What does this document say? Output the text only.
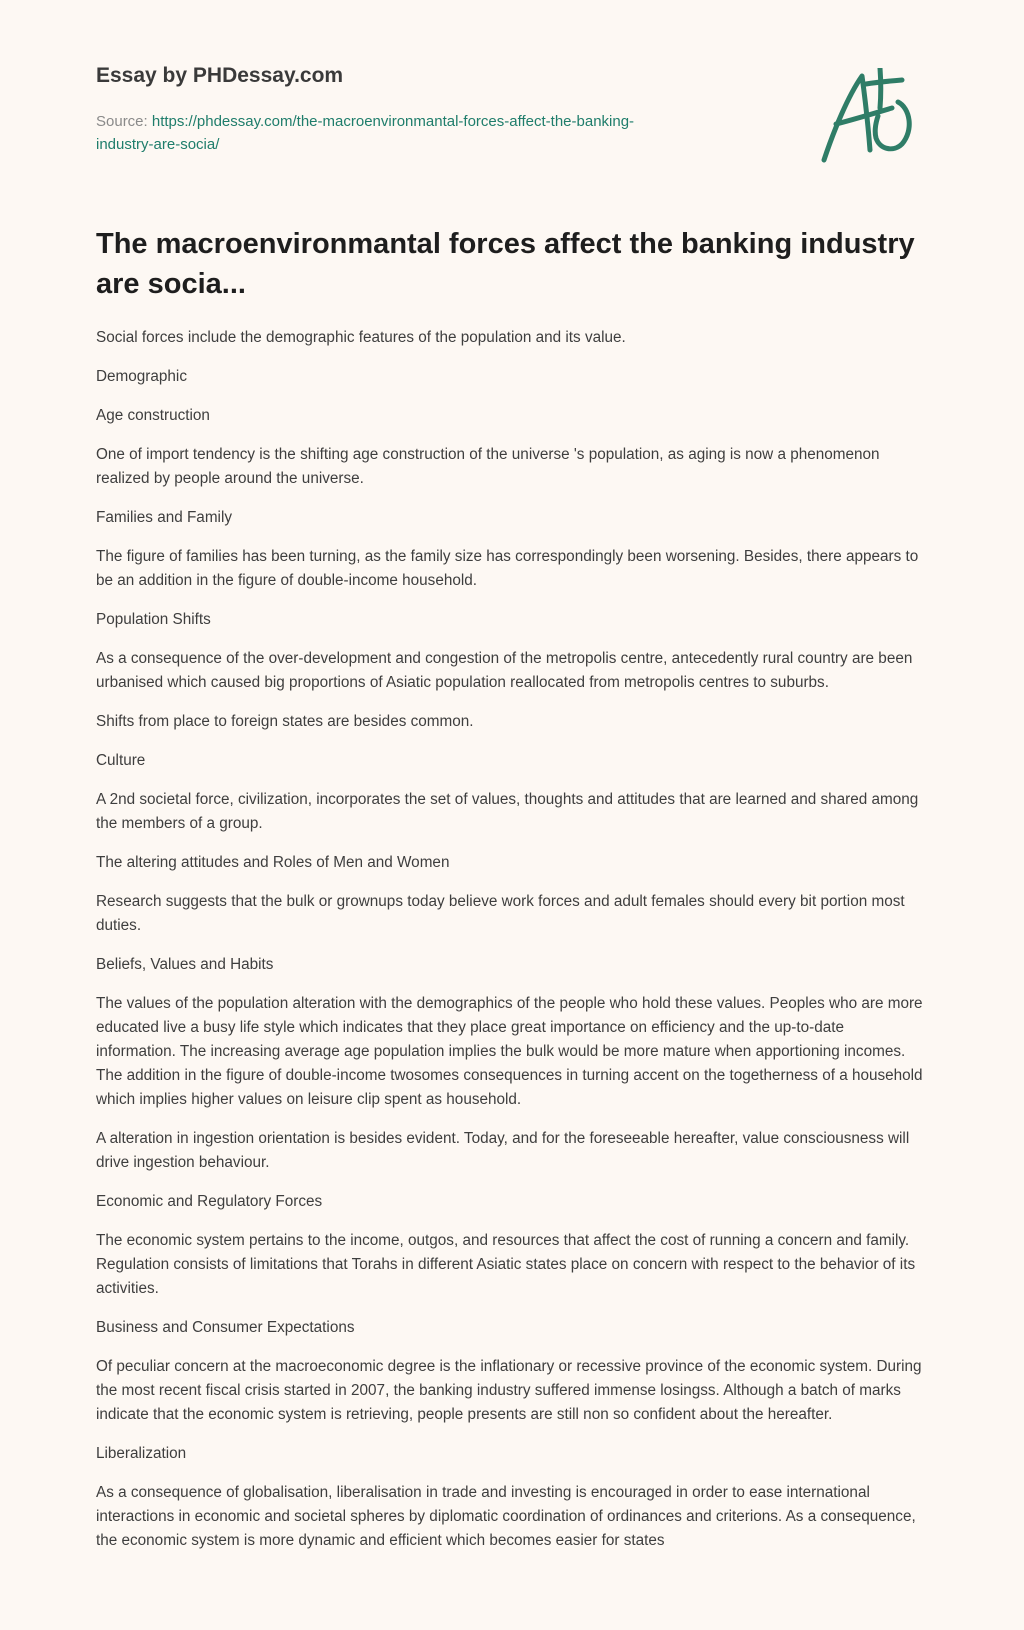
Essay by PHDessay.com
Source: https://phdessay.com/the-macroenvironmantal-forces-affect-the-banking-
industry-are-socia/
The macroenvironmantal forces affect the banking industry are socia...

Social forces include the demographic features of the population and its value.

Demographic

Age construction

One of import tendency is the shifting age construction of the universe 's population, as aging is now a phenomenon realized by people around the universe.

Families and Family

The figure of families has been turning, as the family size has correspondingly been worsening. Besides, there appears to be an addition in the figure of double-income household.

Population Shifts

As a consequence of the over-development and congestion of the metropolis centre, antecedently rural country are been urbanised which caused big proportions of Asiatic population reallocated from metropolis centres to suburbs.

Shifts from place to foreign states are besides common.

Culture

A 2nd societal force, civilization, incorporates the set of values, thoughts and attitudes that are learned and shared among the members of a group.

The altering attitudes and Roles of Men and Women

Research suggests that the bulk or grownups today believe work forces and adult females should every bit portion most duties.

Beliefs, Values and Habits

The values of the population alteration with the demographics of the people who hold these values. Peoples who are more educated live a busy life style which indicates that they place great importance on efficiency and the up-to-date information. The increasing average age population implies the bulk would be more mature when apportioning incomes. The addition in the figure of double-income twosomes consequences in turning accent on the togetherness of a household which implies higher values on leisure clip spent as household.

A alteration in ingestion orientation is besides evident. Today, and for the foreseeable hereafter, value consciousness will drive ingestion behaviour.

Economic and Regulatory Forces

The economic system pertains to the income, outgos, and resources that affect the cost of running a concern and family. Regulation consists of limitations that Torahs in different Asiatic states place on concern with respect to the behavior of its activities.

Business and Consumer Expectations

Of peculiar concern at the macroeconomic degree is the inflationary or recessive province of the economic system. During the most recent fiscal crisis started in 2007, the banking industry suffered immense losingss. Although a batch of marks indicate that the economic system is retrieving, people presents are still non so confident about the hereafter.

Liberalization

As a consequence of globalisation, liberalisation in trade and investing is encouraged in order to ease international interactions in economic and societal spheres by diplomatic coordination of ordinances and criterions. As a consequence, the economic system is more dynamic and efficient which becomes easier for states
